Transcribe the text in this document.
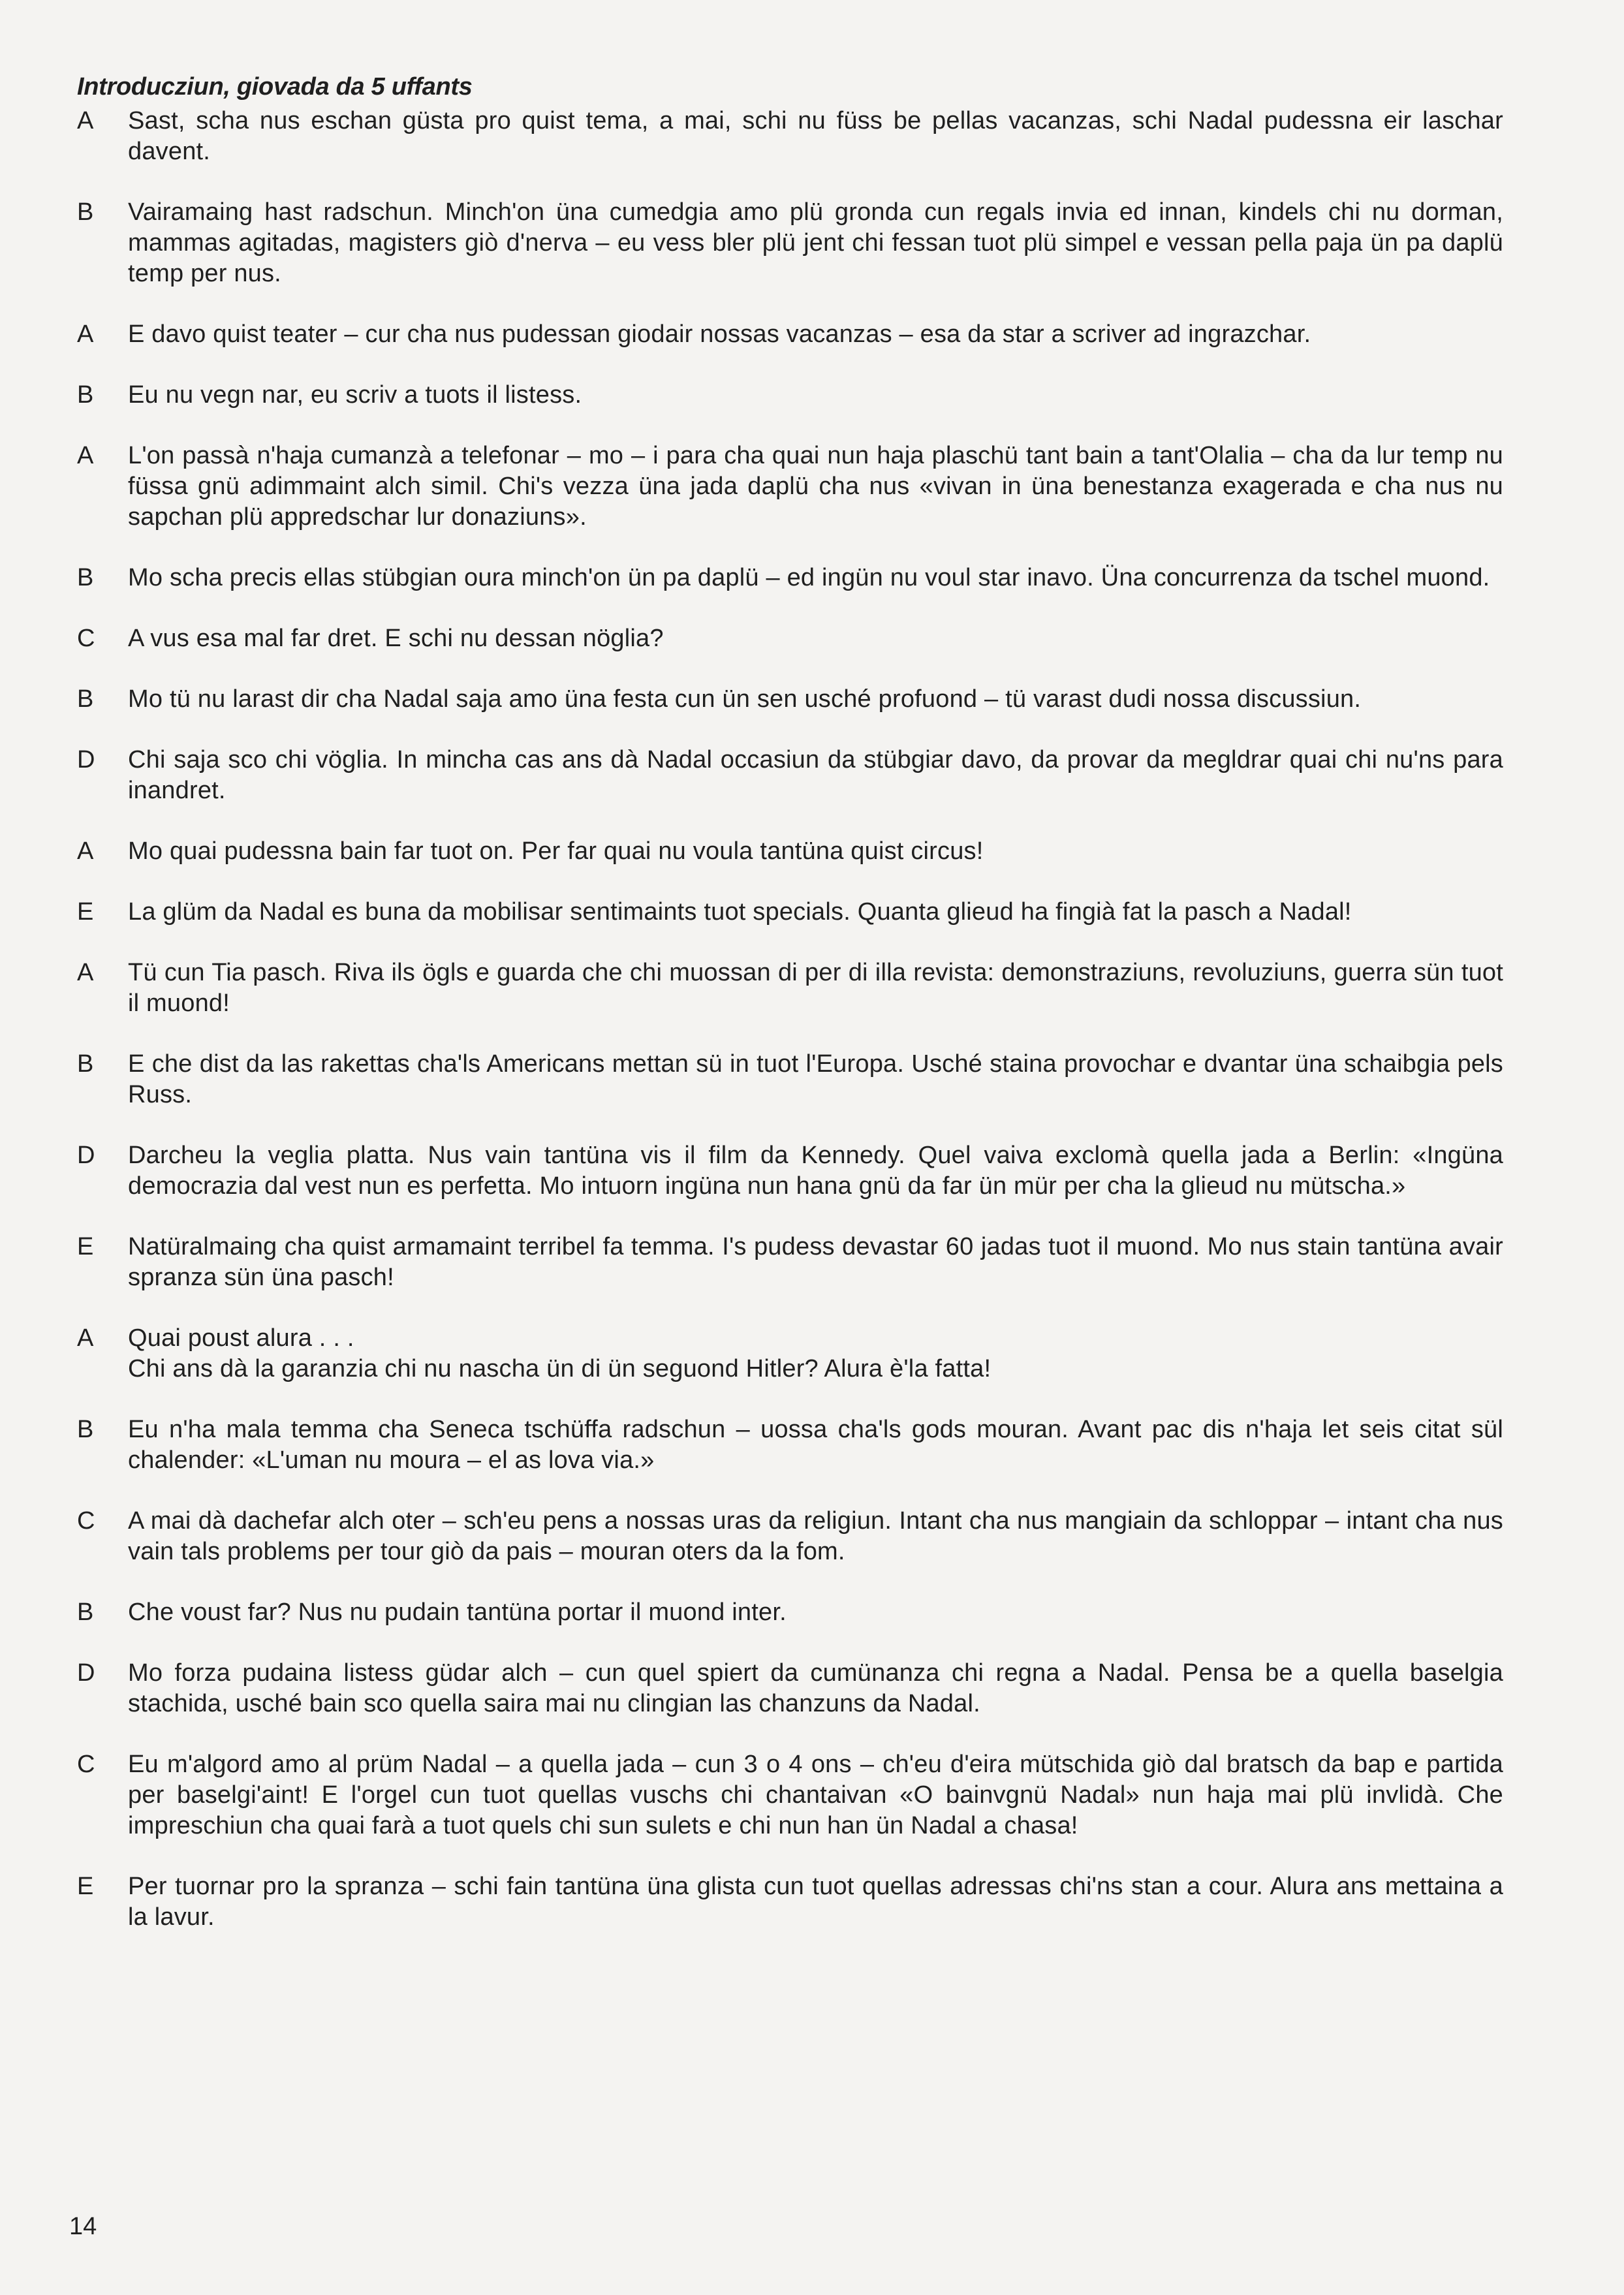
Introducziun, giovada da 5 uffants
A	Sast, scha nus eschan güsta pro quist tema, a mai, schi nu füss be pellas vacanzas, schi Nadal pudessna eir laschar davent.
B	Vairamaing hast radschun. Minch'on üna cumedgia amo plü gronda cun regals invia ed innan, kindels chi nu dorman, mammas agitadas, magisters giò d'nerva – eu vess bler plü jent chi fessan tuot plü simpel e vessan pella paja ün pa daplü temp per nus.
A	E davo quist teater – cur cha nus pudessan giodair nossas vacanzas – esa da star a scriver ad ingrazchar.
B	Eu nu vegn nar, eu scriv a tuots il listess.
A	L'on passà n'haja cumanzà a telefonar – mo – i para cha quai nun haja plaschü tant bain a tant'Olalia – cha da lur temp nu füssa gnü adimmaint alch simil. Chi's vezza üna jada daplü cha nus «vivan in üna benestanza exagerada e cha nus nu sapchan plü appredschar lur donaziuns».
B	Mo scha precis ellas stübgian oura minch'on ün pa daplü – ed ingün nu voul star inavo. Üna concurrenza da tschel muond.
C	A vus esa mal far dret. E schi nu dessan nöglia?
B	Mo tü nu larast dir cha Nadal saja amo üna festa cun ün sen usché profuond – tü varast dudi nossa discussiun.
D	Chi saja sco chi vöglia. In mincha cas ans dà Nadal occasiun da stübgiar davo, da provar da megldrar quai chi nu'ns para inandret.
A	Mo quai pudessna bain far tuot on. Per far quai nu voula tantüna quist circus!
E	La glüm da Nadal es buna da mobilisar sentimaints tuot specials. Quanta glieud ha fingià fat la pasch a Nadal!
A	Tü cun Tia pasch. Riva ils ögls e guarda che chi muossan di per di illa revista: demonstraziuns, revoluziuns, guerra sün tuot il muond!
B	E che dist da las rakettas cha'ls Americans mettan sü in tuot l'Europa. Usché staina provochar e dvantar üna schaibgia pels Russ.
D	Darcheu la veglia platta. Nus vain tantüna vis il film da Kennedy. Quel vaiva exclomà quella jada a Berlin: «Ingüna democrazia dal vest nun es perfetta. Mo intuorn ingüna nun hana gnü da far ün mür per cha la glieud nu mütscha.»
E	Natüralmaing cha quist armamaint terribel fa temma. I's pudess devastar 60 jadas tuot il muond. Mo nus stain tantüna avair spranza sün üna pasch!
A	Quai poust alura . . .
Chi ans dà la garanzia chi nu nascha ün di ün seguond Hitler? Alura è'la fatta!
B	Eu n'ha mala temma cha Seneca tschüffa radschun – uossa cha'ls gods mouran. Avant pac dis n'haja let seis citat sül chalender: «L'uman nu moura – el as lova via.»
C	A mai dà dachefar alch oter – sch'eu pens a nossas uras da religiun. Intant cha nus mangiain da schloppar – intant cha nus vain tals problems per tour giò da pais – mouran oters da la fom.
B	Che voust far? Nus nu pudain tantüna portar il muond inter.
D	Mo forza pudaina listess güdar alch – cun quel spiert da cumünanza chi regna a Nadal. Pensa be a quella baselgia stachida, usché bain sco quella saira mai nu clingian las chanzuns da Nadal.
C	Eu m'algord amo al prüm Nadal – a quella jada – cun 3 o 4 ons – ch'eu d'eira mütschida giò dal bratsch da bap e partida per baselgi'aint! E l'orgel cun tuot quellas vuschs chi chantaivan «O bainvgnü Nadal» nun haja mai plü invlidà. Che impreschiun cha quai farà a tuot quels chi sun sulets e chi nun han ün Nadal a chasa!
E	Per tuornar pro la spranza – schi fain tantüna üna glista cun tuot quellas adressas chi'ns stan a cour. Alura ans mettaina a la lavur.
14
